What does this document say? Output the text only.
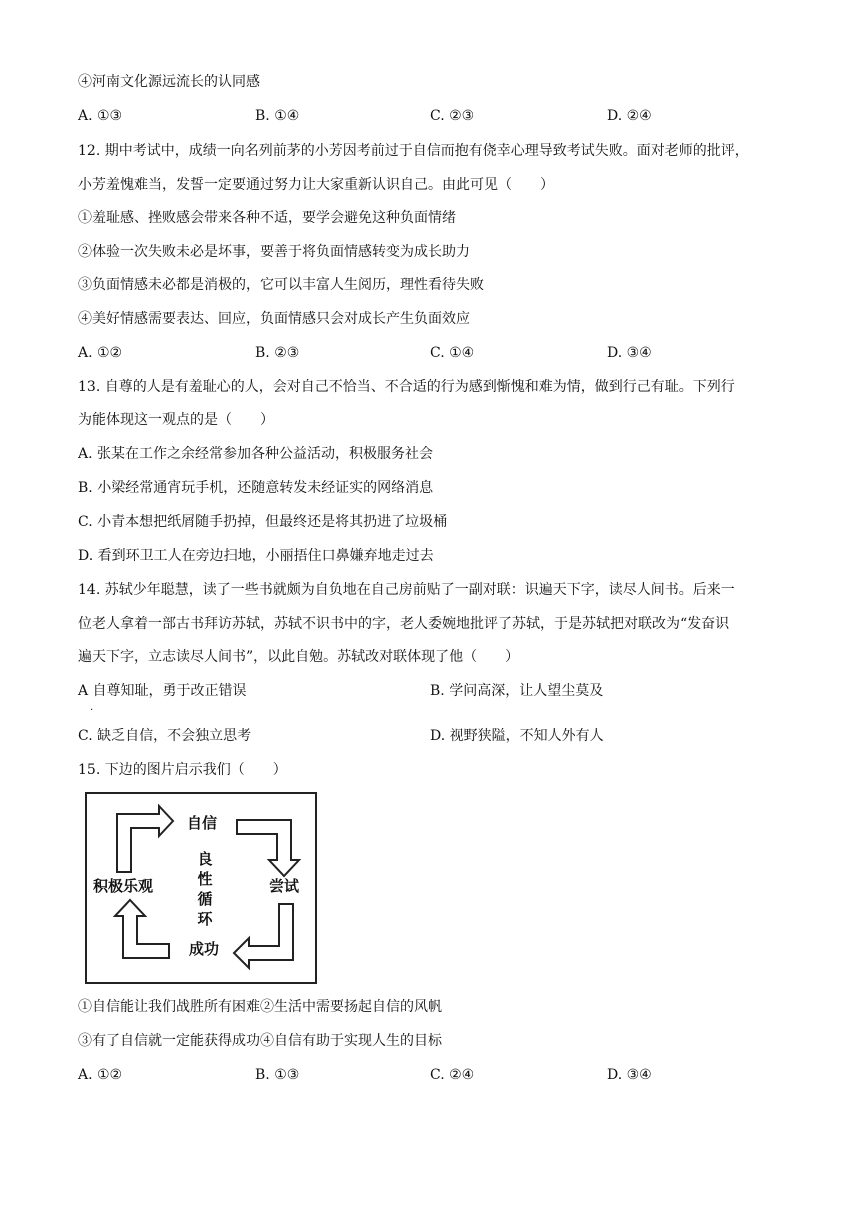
④河南文化源远流长的认同感
A. ①③	B. ①④	C. ②③	D. ②④
12. 期中考试中，成绩一向名列前茅的小芳因考前过于自信而抱有侥幸心理导致考试失败。面对老师的批评，
小芳羞愧难当，发誓一定要通过努力让大家重新认识自己。由此可见（　　）
①羞耻感、挫败感会带来各种不适，要学会避免这种负面情绪
②体验一次失败未必是坏事，要善于将负面情感转变为成长助力
③负面情感未必都是消极的，它可以丰富人生阅历，理性看待失败
④美好情感需要表达、回应，负面情感只会对成长产生负面效应
A. ①②	B. ②③	C. ①④	D. ③④
13. 自尊的人是有羞耻心的人，会对自己不恰当、不合适的行为感到惭愧和难为情，做到行己有耻。下列行
为能体现这一观点的是（　　）
A. 张某在工作之余经常参加各种公益活动，积极服务社会
B. 小梁经常通宵玩手机，还随意转发未经证实的网络消息
C. 小青本想把纸屑随手扔掉，但最终还是将其扔进了垃圾桶
D. 看到环卫工人在旁边扫地，小丽捂住口鼻嫌弃地走过去
14. 苏轼少年聪慧，读了一些书就颇为自负地在自己房前贴了一副对联：识遍天下字，读尽人间书。后来一
位老人拿着一部古书拜访苏轼，苏轼不识书中的字，老人委婉地批评了苏轼，于是苏轼把对联改为“发奋识
遍天下字，立志读尽人间书”，以此自勉。苏轼改对联体现了他（　　）
A 自尊知耻，勇于改正错误	B. 学问高深，让人望尘莫及
.
C. 缺乏自信，不会独立思考	D. 视野狭隘，不知人外有人
15. 下边的图片启示我们（　　）
自信
尝试
成功
积极乐观
良
性
循
环
①自信能让我们战胜所有困难②生活中需要扬起自信的风帆
③有了自信就一定能获得成功④自信有助于实现人生的目标
A. ①②	B. ①③	C. ②④	D. ③④
